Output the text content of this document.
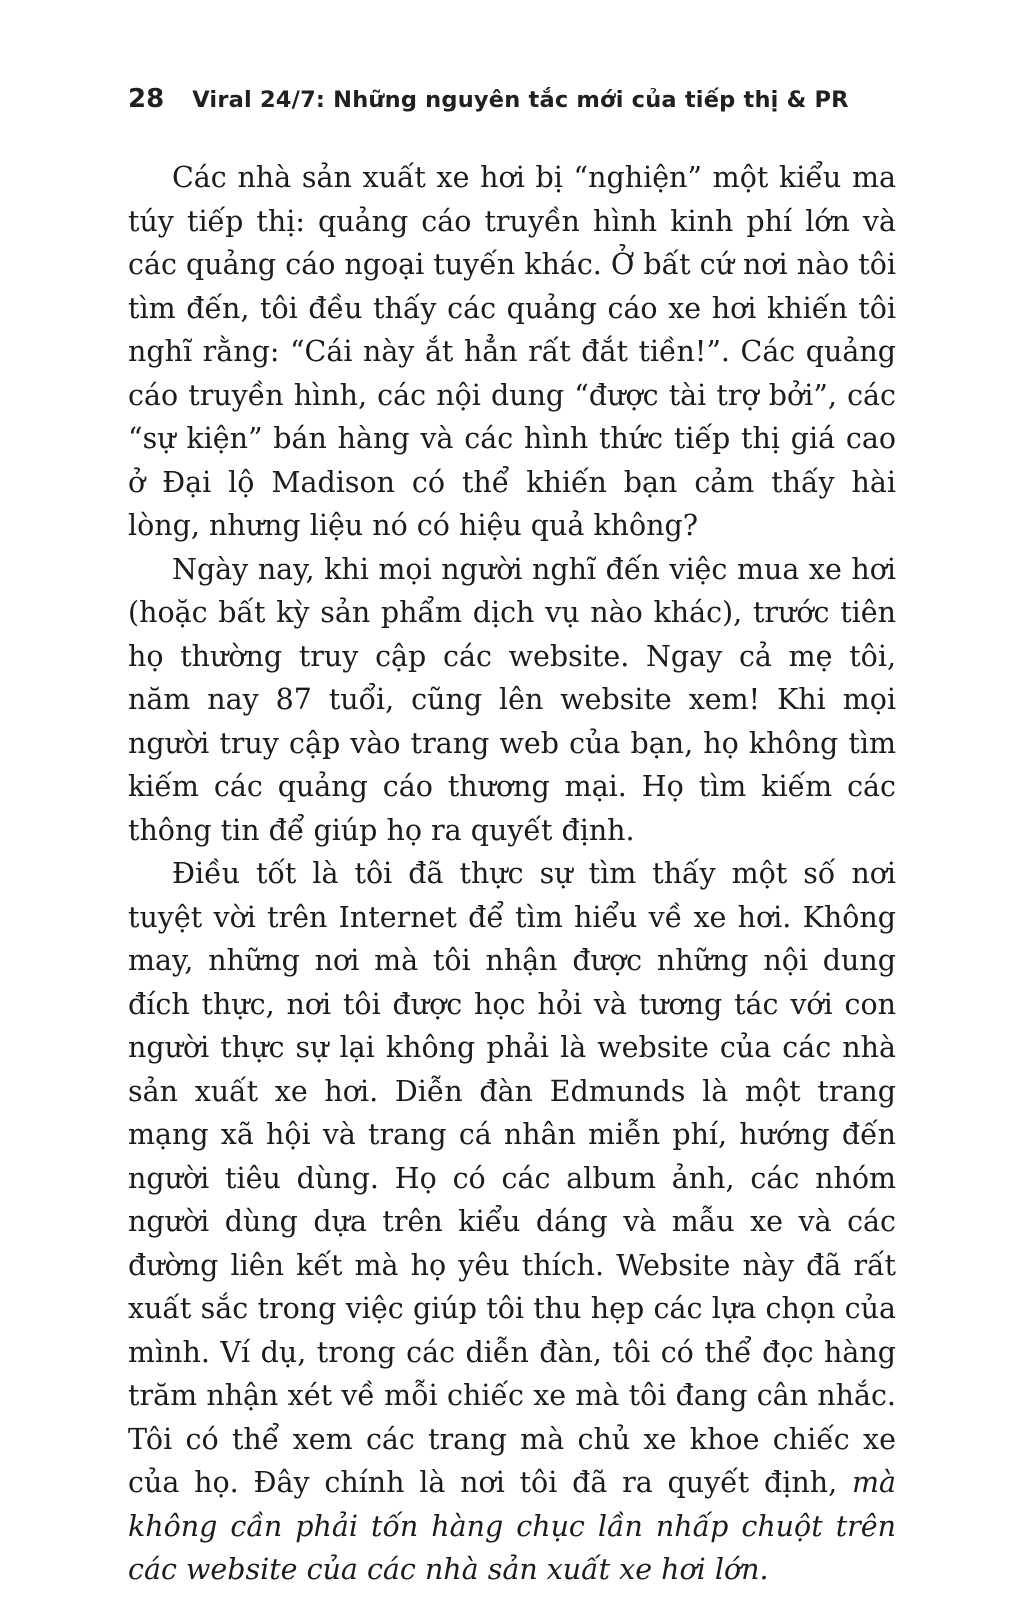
28 Viral 24/7: Những nguyên tắc mới của tiếp thị & PR

Các nhà sản xuất xe hơi bị “nghiện” một kiểu ma túy tiếp thị: quảng cáo truyền hình kinh phí lớn và các quảng cáo ngoại tuyến khác. Ở bất cứ nơi nào tôi tìm đến, tôi đều thấy các quảng cáo xe hơi khiến tôi nghĩ rằng: “Cái này ắt hẳn rất đắt tiền!”. Các quảng cáo truyền hình, các nội dung “được tài trợ bởi”, các “sự kiện” bán hàng và các hình thức tiếp thị giá cao ở Đại lộ Madison có thể khiến bạn cảm thấy hài lòng, nhưng liệu nó có hiệu quả không?

Ngày nay, khi mọi người nghĩ đến việc mua xe hơi (hoặc bất kỳ sản phẩm dịch vụ nào khác), trước tiên họ thường truy cập các website. Ngay cả mẹ tôi, năm nay 87 tuổi, cũng lên website xem! Khi mọi người truy cập vào trang web của bạn, họ không tìm kiếm các quảng cáo thương mại. Họ tìm kiếm các thông tin để giúp họ ra quyết định.

Điều tốt là tôi đã thực sự tìm thấy một số nơi tuyệt vời trên Internet để tìm hiểu về xe hơi. Không may, những nơi mà tôi nhận được những nội dung đích thực, nơi tôi được học hỏi và tương tác với con người thực sự lại không phải là website của các nhà sản xuất xe hơi. Diễn đàn Edmunds là một trang mạng xã hội và trang cá nhân miễn phí, hướng đến người tiêu dùng. Họ có các album ảnh, các nhóm người dùng dựa trên kiểu dáng và mẫu xe và các đường liên kết mà họ yêu thích. Website này đã rất xuất sắc trong việc giúp tôi thu hẹp các lựa chọn của mình. Ví dụ, trong các diễn đàn, tôi có thể đọc hàng trăm nhận xét về mỗi chiếc xe mà tôi đang cân nhắc. Tôi có thể xem các trang mà chủ xe khoe chiếc xe của họ. Đây chính là nơi tôi đã ra quyết định, mà không cần phải tốn hàng chục lần nhấp chuột trên các website của các nhà sản xuất xe hơi lớn.
